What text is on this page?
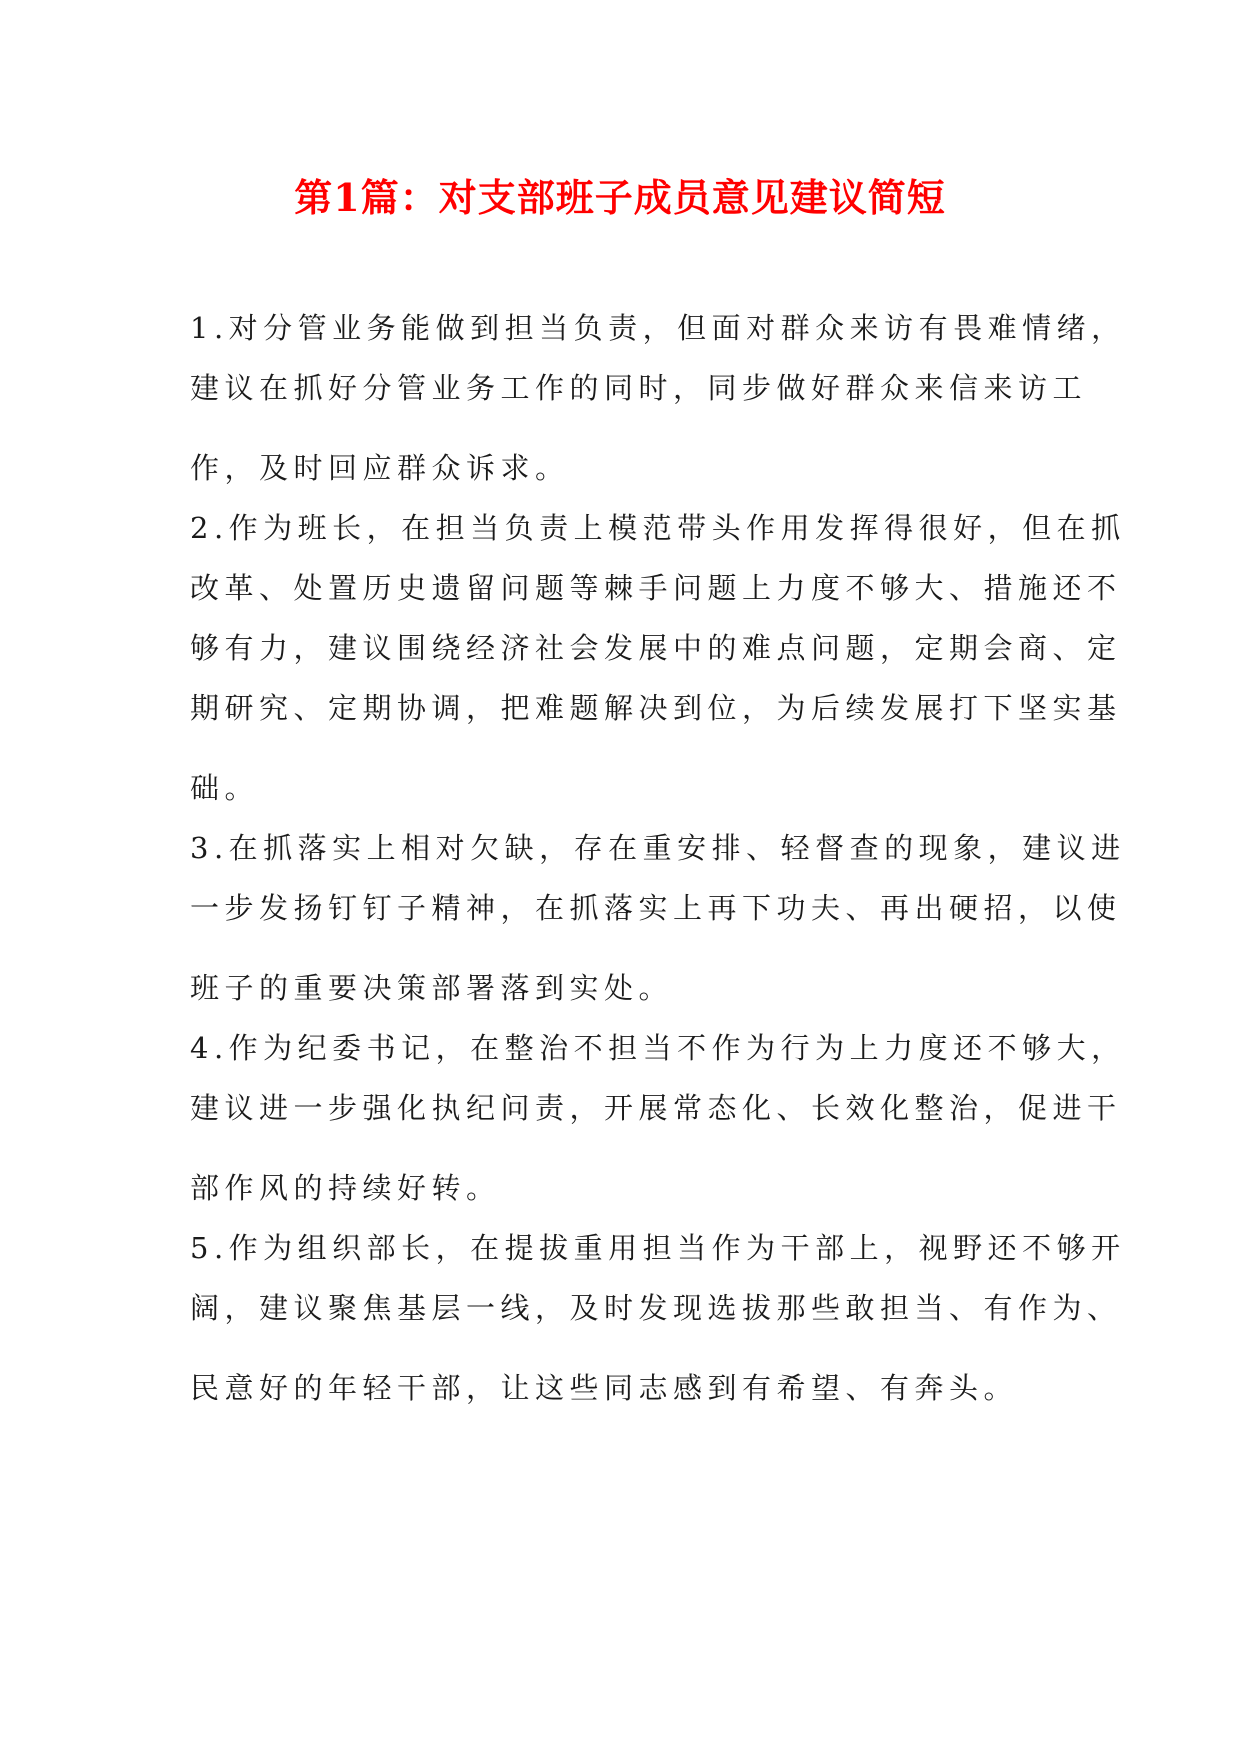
第1篇：对支部班子成员意见建议简短

1.对分管业务能做到担当负责，但面对群众来访有畏难情绪，
建议在抓好分管业务工作的同时，同步做好群众来信来访工
作，及时回应群众诉求。

2.作为班长，在担当负责上模范带头作用发挥得很好，但在抓
改革、处置历史遗留问题等棘手问题上力度不够大、措施还不
够有力，建议围绕经济社会发展中的难点问题，定期会商、定
期研究、定期协调，把难题解决到位，为后续发展打下坚实基
础。

3.在抓落实上相对欠缺，存在重安排、轻督查的现象，建议进
一步发扬钉钉子精神，在抓落实上再下功夫、再出硬招，以使
班子的重要决策部署落到实处。

4.作为纪委书记，在整治不担当不作为行为上力度还不够大，
建议进一步强化执纪问责，开展常态化、长效化整治，促进干
部作风的持续好转。

5.作为组织部长，在提拔重用担当作为干部上，视野还不够开
阔，建议聚焦基层一线，及时发现选拔那些敢担当、有作为、
民意好的年轻干部，让这些同志感到有希望、有奔头。
